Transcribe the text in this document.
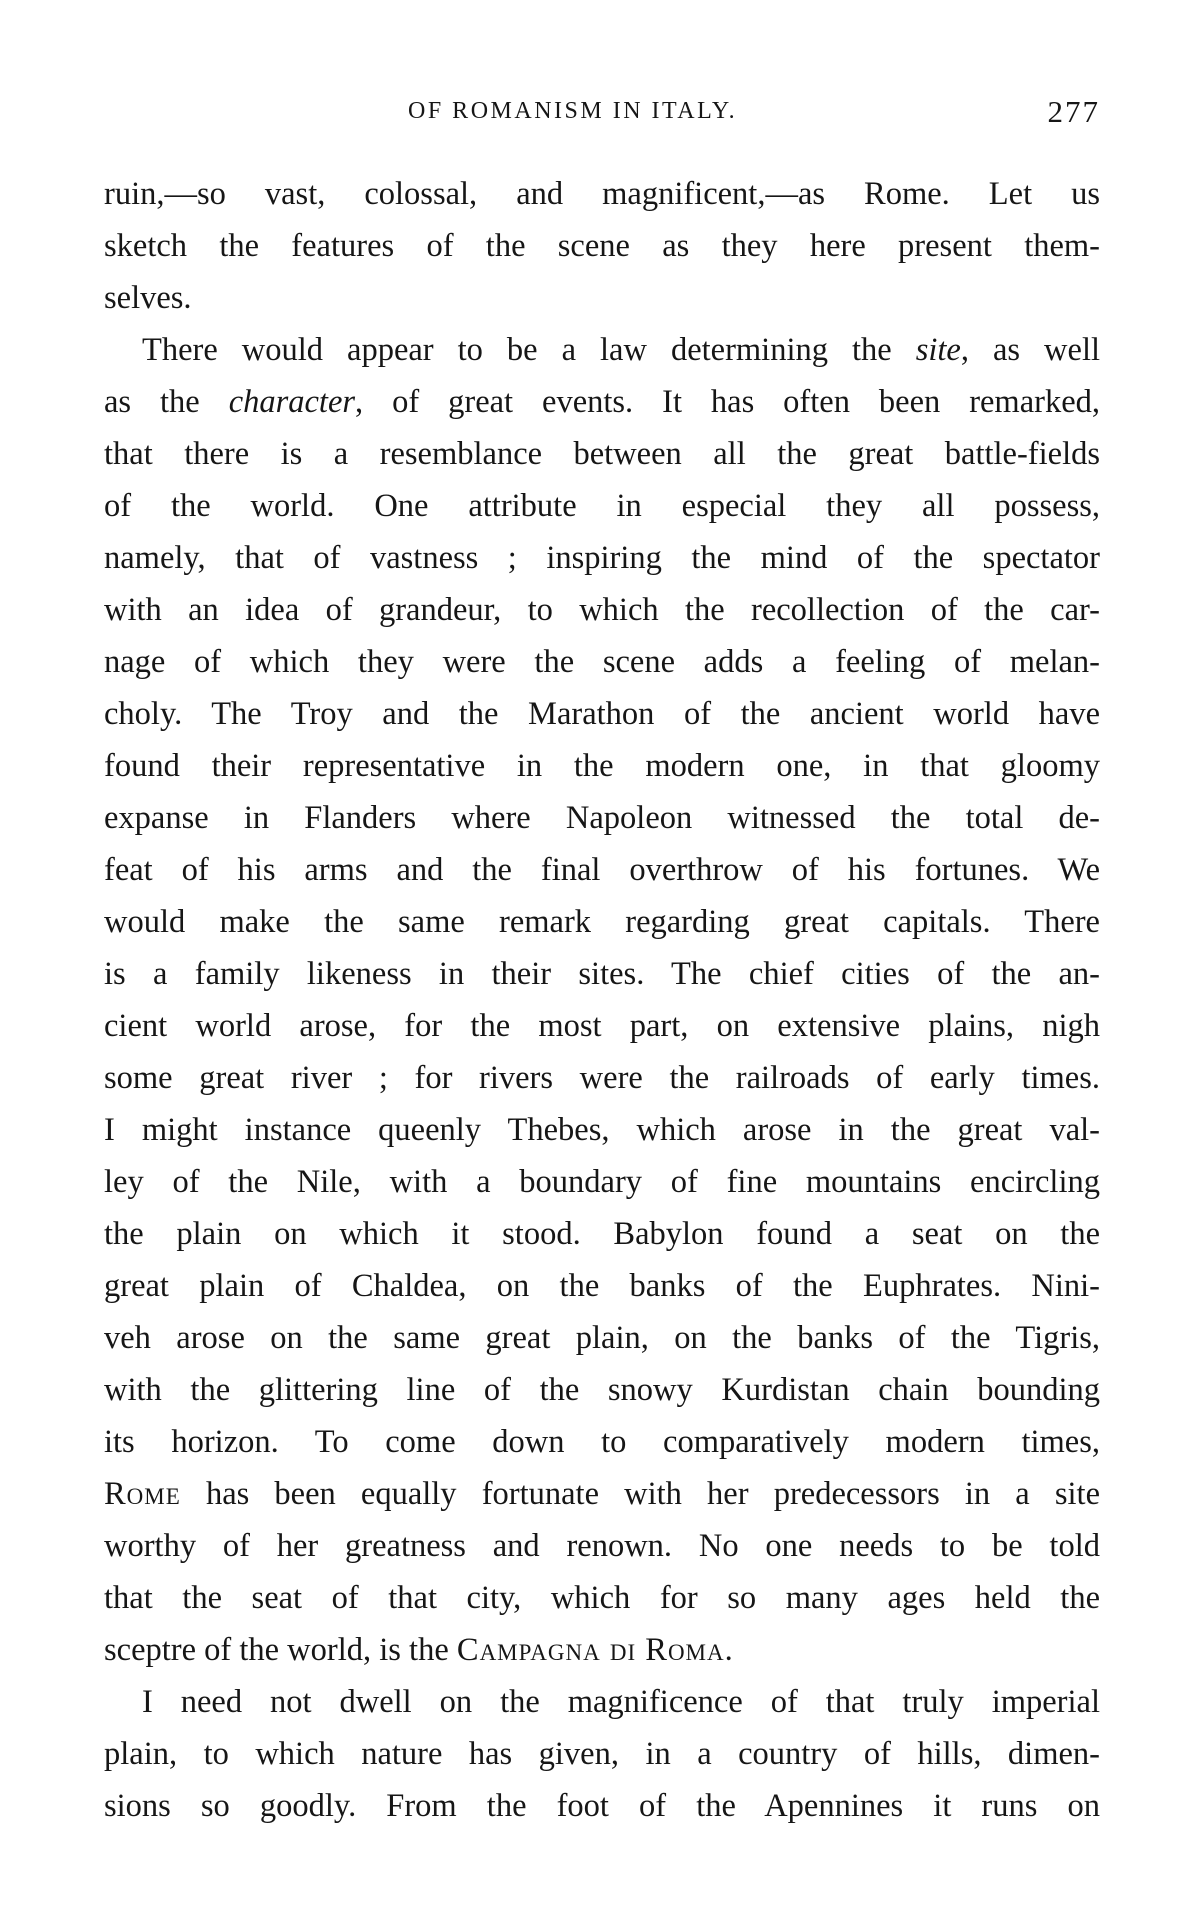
OF ROMANISM IN ITALY.	277
ruin,—so vast, colossal, and magnificent,—as Rome. Let us
sketch the features of the scene as they here present them-
selves.
There would appear to be a law determining the site, as well
as the character, of great events. It has often been remarked,
that there is a resemblance between all the great battle-fields
of the world. One attribute in especial they all possess,
namely, that of vastness ; inspiring the mind of the spectator
with an idea of grandeur, to which the recollection of the car-
nage of which they were the scene adds a feeling of melan-
choly. The Troy and the Marathon of the ancient world have
found their representative in the modern one, in that gloomy
expanse in Flanders where Napoleon witnessed the total de-
feat of his arms and the final overthrow of his fortunes. We
would make the same remark regarding great capitals. There
is a family likeness in their sites. The chief cities of the an-
cient world arose, for the most part, on extensive plains, nigh
some great river ; for rivers were the railroads of early times.
I might instance queenly Thebes, which arose in the great val-
ley of the Nile, with a boundary of fine mountains encircling
the plain on which it stood. Babylon found a seat on the
great plain of Chaldea, on the banks of the Euphrates. Nini-
veh arose on the same great plain, on the banks of the Tigris,
with the glittering line of the snowy Kurdistan chain bounding
its horizon. To come down to comparatively modern times,
Rome has been equally fortunate with her predecessors in a site
worthy of her greatness and renown. No one needs to be told
that the seat of that city, which for so many ages held the
sceptre of the world, is the Campagna di Roma.
I need not dwell on the magnificence of that truly imperial
plain, to which nature has given, in a country of hills, dimen-
sions so goodly. From the foot of the Apennines it runs on
